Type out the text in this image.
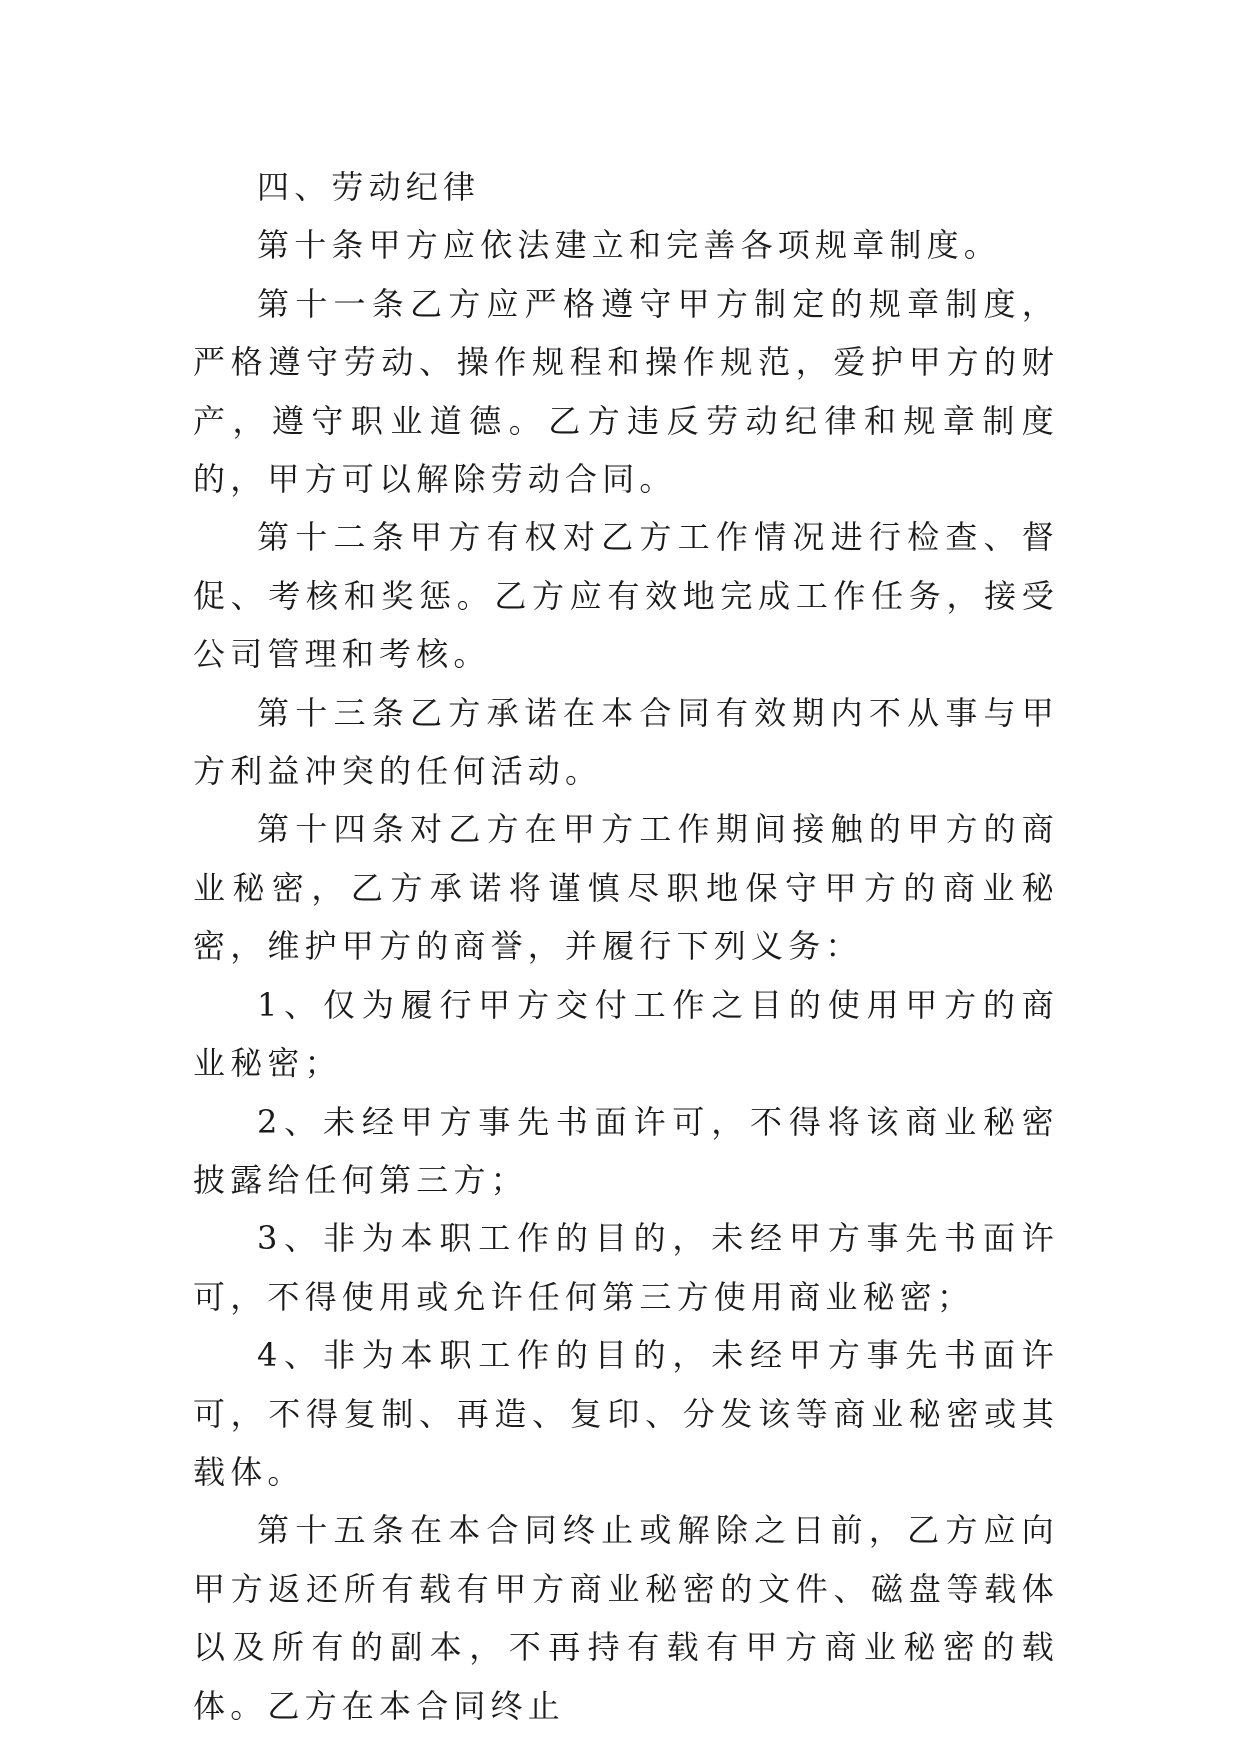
四、劳动纪律

第十条甲方应依法建立和完善各项规章制度。

第十一条乙方应严格遵守甲方制定的规章制度，严格遵守劳动、操作规程和操作规范，爱护甲方的财产，遵守职业道德。乙方违反劳动纪律和规章制度的，甲方可以解除劳动合同。

第十二条甲方有权对乙方工作情况进行检查、督促、考核和奖惩。乙方应有效地完成工作任务，接受公司管理和考核。

第十三条乙方承诺在本合同有效期内不从事与甲方利益冲突的任何活动。

第十四条对乙方在甲方工作期间接触的甲方的商业秘密，乙方承诺将谨慎尽职地保守甲方的商业秘密，维护甲方的商誉，并履行下列义务：

1、仅为履行甲方交付工作之目的使用甲方的商业秘密；

2、未经甲方事先书面许可，不得将该商业秘密披露给任何第三方；

3、非为本职工作的目的，未经甲方事先书面许可，不得使用或允许任何第三方使用商业秘密；

4、非为本职工作的目的，未经甲方事先书面许可，不得复制、再造、复印、分发该等商业秘密或其载体。

第十五条在本合同终止或解除之日前，乙方应向甲方返还所有载有甲方商业秘密的文件、磁盘等载体以及所有的副本，不再持有载有甲方商业秘密的载体。乙方在本合同终止
